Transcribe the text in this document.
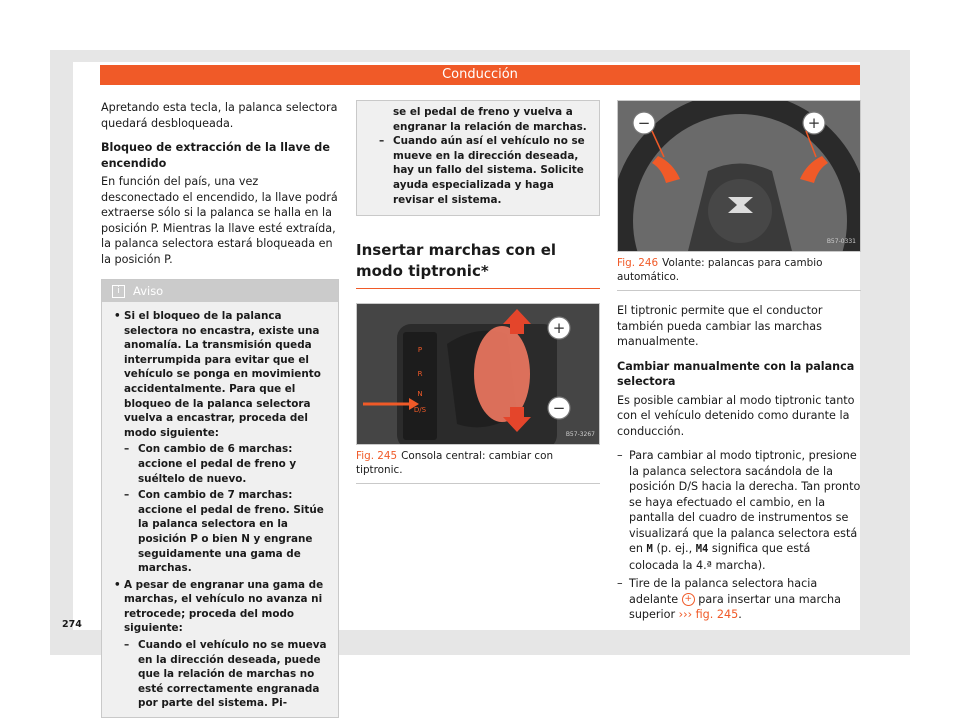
Conducción

Apretando esta tecla, la palanca selectora quedará desbloqueada.

Bloqueo de extracción de la llave de encendido

En función del país, una vez desconectado el encendido, la llave podrá extraerse sólo si la palanca se halla en la posición P. Mientras la llave esté extraída, la palanca selectora estará bloqueada en la posición P.

i Aviso
• Si el bloqueo de la palanca selectora no encastra, existe una anomalía. La transmisión queda interrumpida para evitar que el vehículo se ponga en movimiento accidentalmente. Para que el bloqueo de la palanca selectora vuelva a encastrar, proceda del modo siguiente:
– Con cambio de 6 marchas: accione el pedal de freno y suéltelo de nuevo.
– Con cambio de 7 marchas: accione el pedal de freno. Sitúe la palanca selectora en la posición P o bien N y engrane seguidamente una gama de marchas.
• A pesar de engranar una gama de marchas, el vehículo no avanza ni retrocede; proceda del modo siguiente:
– Cuando el vehículo no se mueva en la dirección deseada, puede que la relación de marchas no esté correctamente engranada por parte del sistema. Pi-
se el pedal de freno y vuelva a engranar la relación de marchas.
– Cuando aún así el vehículo no se mueve en la dirección deseada, hay un fallo del sistema. Solicite ayuda especializada y haga revisar el sistema.
Insertar marchas con el modo tiptronic*
P
R
N
D/S
+
−
B57-3267
Fig. 245 Consola central: cambiar con tiptronic.
−	+
B57-0331
Fig. 246 Volante: palancas para cambio automático.

El tiptronic permite que el conductor también pueda cambiar las marchas manualmente.

Cambiar manualmente con la palanca selectora

Es posible cambiar al modo tiptronic tanto con el vehículo detenido como durante la conducción.

– Para cambiar al modo tiptronic, presione la palanca selectora sacándola de la posición D/S hacia la derecha. Tan pronto se haya efectuado el cambio, en la pantalla del cuadro de instrumentos se visualizará que la palanca selectora está en M (p. ej., M4 significa que está colocada la 4.ª marcha).
– Tire de la palanca selectora hacia adelante + para insertar una marcha superior ››› fig. 245.
274
